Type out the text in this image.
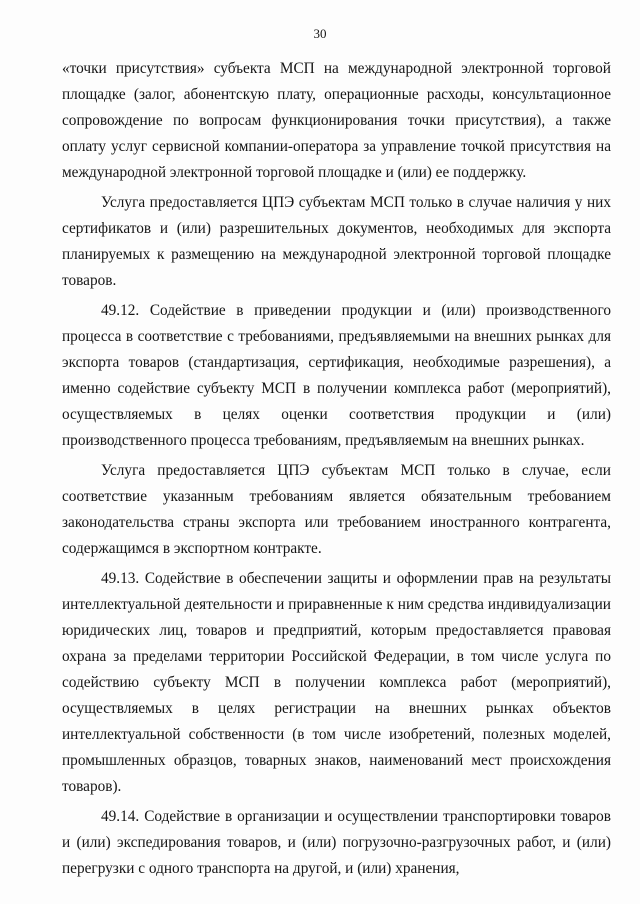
30

«точки присутствия» субъекта МСП на международной электронной торговой площадке (залог, абонентскую плату, операционные расходы, консультационное сопровождение по вопросам функционирования точки присутствия), а также оплату услуг сервисной компании-оператора за управление точкой присутствия на международной электронной торговой площадке и (или) ее поддержку.

Услуга предоставляется ЦПЭ субъектам МСП только в случае наличия у них сертификатов и (или) разрешительных документов, необходимых для экспорта планируемых к размещению на международной электронной торговой площадке товаров.

49.12. Содействие в приведении продукции и (или) производственного процесса в соответствие с требованиями, предъявляемыми на внешних рынках для экспорта товаров (стандартизация, сертификация, необходимые разрешения), а именно содействие субъекту МСП в получении комплекса работ (мероприятий), осуществляемых в целях оценки соответствия продукции и (или) производственного процесса требованиям, предъявляемым на внешних рынках.

Услуга предоставляется ЦПЭ субъектам МСП только в случае, если соответствие указанным требованиям является обязательным требованием законодательства страны экспорта или требованием иностранного контрагента, содержащимся в экспортном контракте.

49.13. Содействие в обеспечении защиты и оформлении прав на результаты интеллектуальной деятельности и приравненные к ним средства индивидуализации юридических лиц, товаров и предприятий, которым предоставляется правовая охрана за пределами территории Российской Федерации, в том числе услуга по содействию субъекту МСП в получении комплекса работ (мероприятий), осуществляемых в целях регистрации на внешних рынках объектов интеллектуальной собственности (в том числе изобретений, полезных моделей, промышленных образцов, товарных знаков, наименований мест происхождения товаров).

49.14. Содействие в организации и осуществлении транспортировки товаров и (или) экспедирования товаров, и (или) погрузочно-разгрузочных работ, и (или) перегрузки с одного транспорта на другой, и (или) хранения,
